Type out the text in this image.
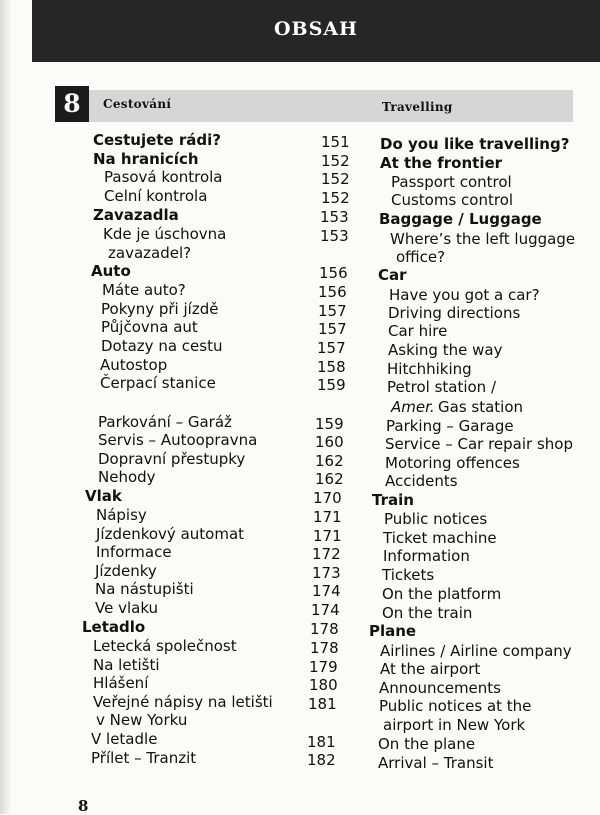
OBSAH
8	Cestování	Travelling
Cestujete rádi?
Na hranicích
Pasová kontrola
Celní kontrola
Zavazadla
Kde je úschovna
zavazadel?
Auto
Máte auto?
Pokyny při jízdě
Půjčovna aut
Dotazy na cestu
Autostop
Čerpací stanice
Parkování – Garáž
Servis – Autoopravna
Dopravní přestupky
Nehody
Vlak
Nápisy
Jízdenkový automat
Informace
Jízdenky
Na nástupišti
Ve vlaku
Letadlo
Letecká společnost
Na letišti
Hlášení
Veřejné nápisy na letišti
v New Yorku
V letadle
Přílet – Tranzit
151
152
152
152
153
153
156
156
157
157
157
158
159
159
160
162
162
170
171
171
172
173
174
174
178
178
179
180
181
181
182
Do you like travelling?
At the frontier
Passport control
Customs control
Baggage / Luggage
Where’s the left luggage
office?
Car
Have you got a car?
Driving directions
Car hire
Asking the way
Hitchhiking
Petrol station /
Amer. Gas station
Parking – Garage
Service – Car repair shop
Motoring offences
Accidents
Train
Public notices
Ticket machine
Information
Tickets
On the platform
On the train
Plane
Airlines / Airline company
At the airport
Announcements
Public notices at the
airport in New York
On the plane
Arrival – Transit
8
